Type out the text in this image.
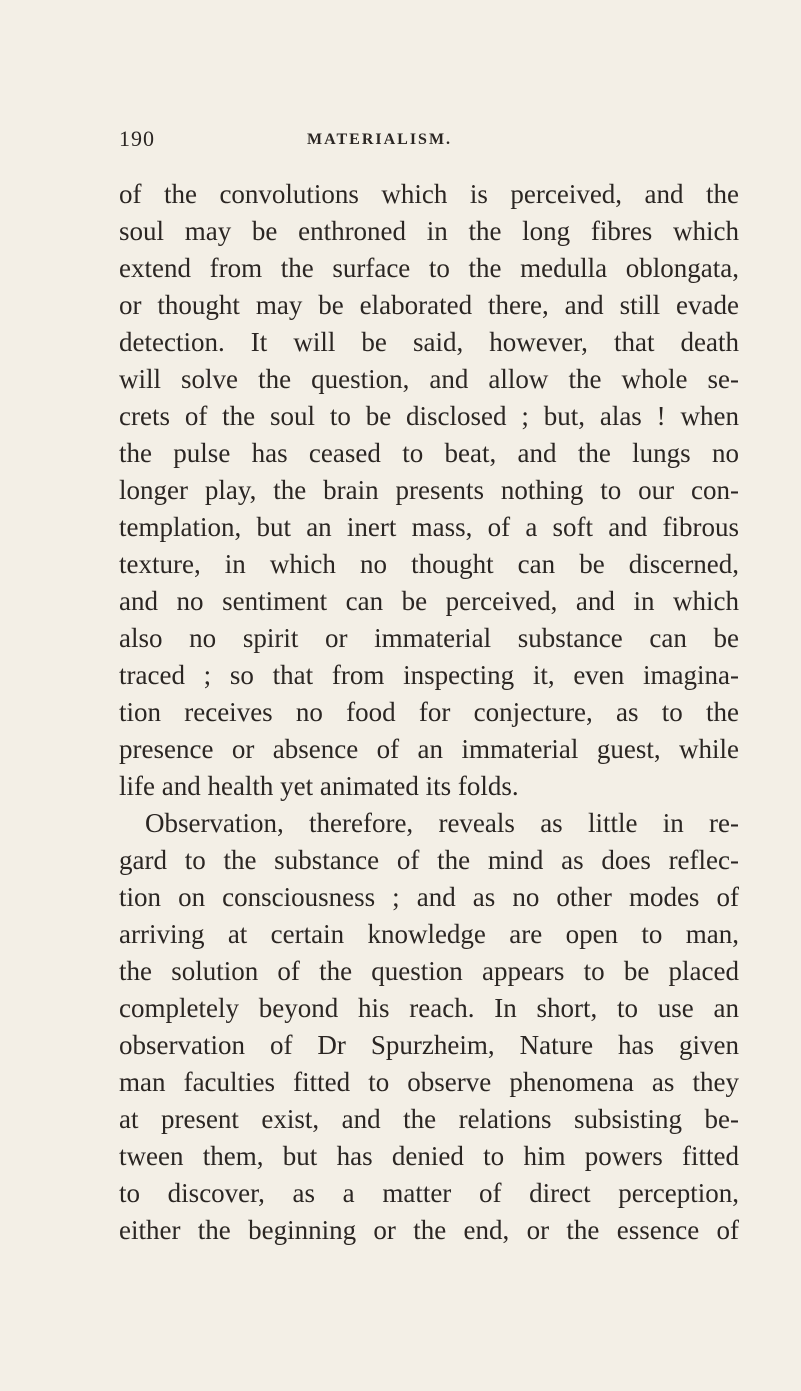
190	MATERIALISM.
of the convolutions which is perceived, and the
soul may be enthroned in the long fibres which
extend from the surface to the medulla oblongata,
or thought may be elaborated there, and still evade
detection. It will be said, however, that death
will solve the question, and allow the whole se-
crets of the soul to be disclosed ; but, alas ! when
the pulse has ceased to beat, and the lungs no
longer play, the brain presents nothing to our con-
templation, but an inert mass, of a soft and fibrous
texture, in which no thought can be discerned,
and no sentiment can be perceived, and in which
also no spirit or immaterial substance can be
traced ; so that from inspecting it, even imagina-
tion receives no food for conjecture, as to the
presence or absence of an immaterial guest, while
life and health yet animated its folds.
Observation, therefore, reveals as little in re-
gard to the substance of the mind as does reflec-
tion on consciousness ; and as no other modes of
arriving at certain knowledge are open to man,
the solution of the question appears to be placed
completely beyond his reach. In short, to use an
observation of Dr Spurzheim, Nature has given
man faculties fitted to observe phenomena as they
at present exist, and the relations subsisting be-
tween them, but has denied to him powers fitted
to discover, as a matter of direct perception,
either the beginning or the end, or the essence of
